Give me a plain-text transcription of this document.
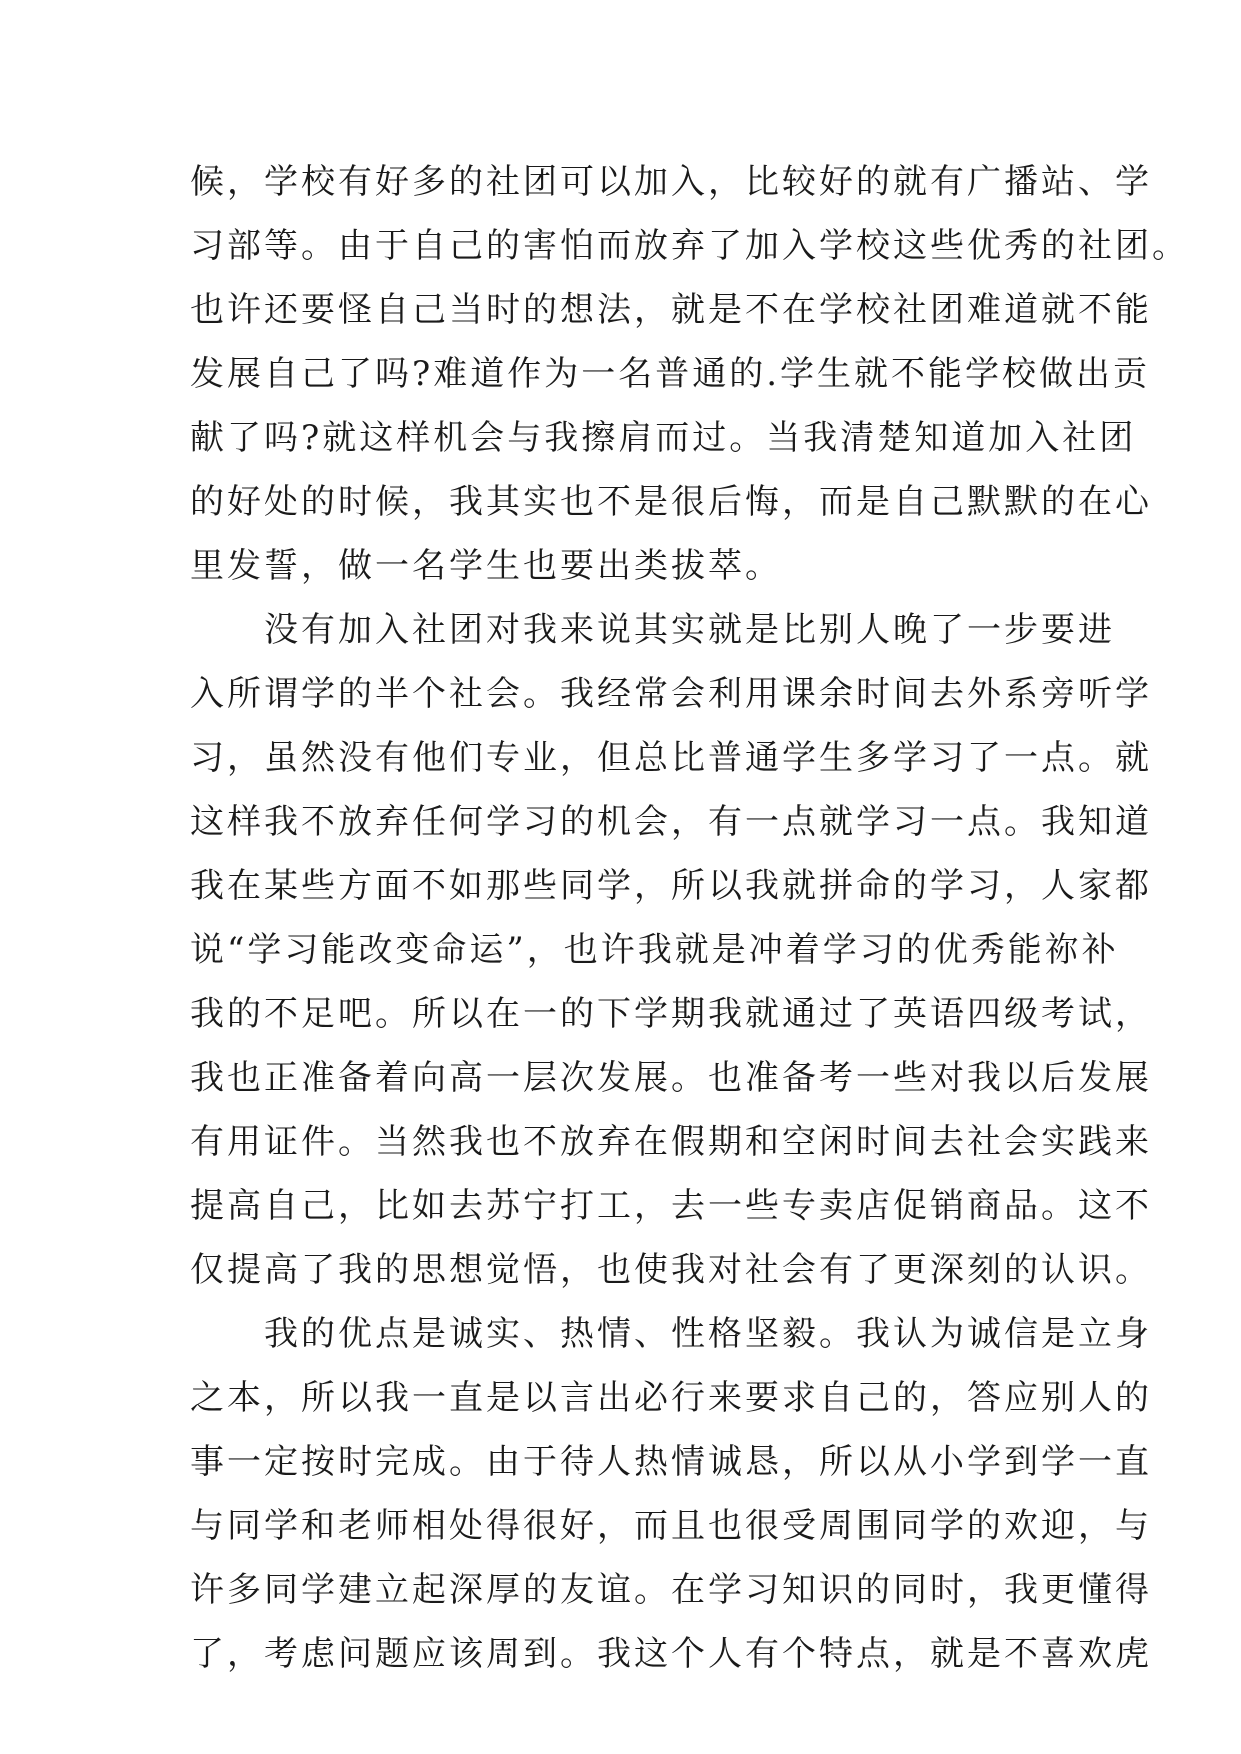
候，学校有好多的社团可以加入，比较好的就有广播站、学
习部等。由于自己的害怕而放弃了加入学校这些优秀的社团。
也许还要怪自己当时的想法，就是不在学校社团难道就不能
发展自己了吗?难道作为一名普通的.学生就不能学校做出贡
献了吗?就这样机会与我擦肩而过。当我清楚知道加入社团
的好处的时候，我其实也不是很后悔，而是自己默默的在心
里发誓，做一名学生也要出类拔萃。
　　没有加入社团对我来说其实就是比别人晚了一步要进
入所谓学的半个社会。我经常会利用课余时间去外系旁听学
习，虽然没有他们专业，但总比普通学生多学习了一点。就
这样我不放弃任何学习的机会，有一点就学习一点。我知道
我在某些方面不如那些同学，所以我就拼命的学习，人家都
说“学习能改变命运”，也许我就是冲着学习的优秀能祢补
我的不足吧。所以在一的下学期我就通过了英语四级考试，
我也正准备着向高一层次发展。也准备考一些对我以后发展
有用证件。当然我也不放弃在假期和空闲时间去社会实践来
提高自己，比如去苏宁打工，去一些专卖店促销商品。这不
仅提高了我的思想觉悟，也使我对社会有了更深刻的认识。
　　我的优点是诚实、热情、性格坚毅。我认为诚信是立身
之本，所以我一直是以言出必行来要求自己的，答应别人的
事一定按时完成。由于待人热情诚恳，所以从小学到学一直
与同学和老师相处得很好，而且也很受周围同学的欢迎，与
许多同学建立起深厚的友谊。在学习知识的同时，我更懂得
了，考虑问题应该周到。我这个人有个特点，就是不喜欢虎
